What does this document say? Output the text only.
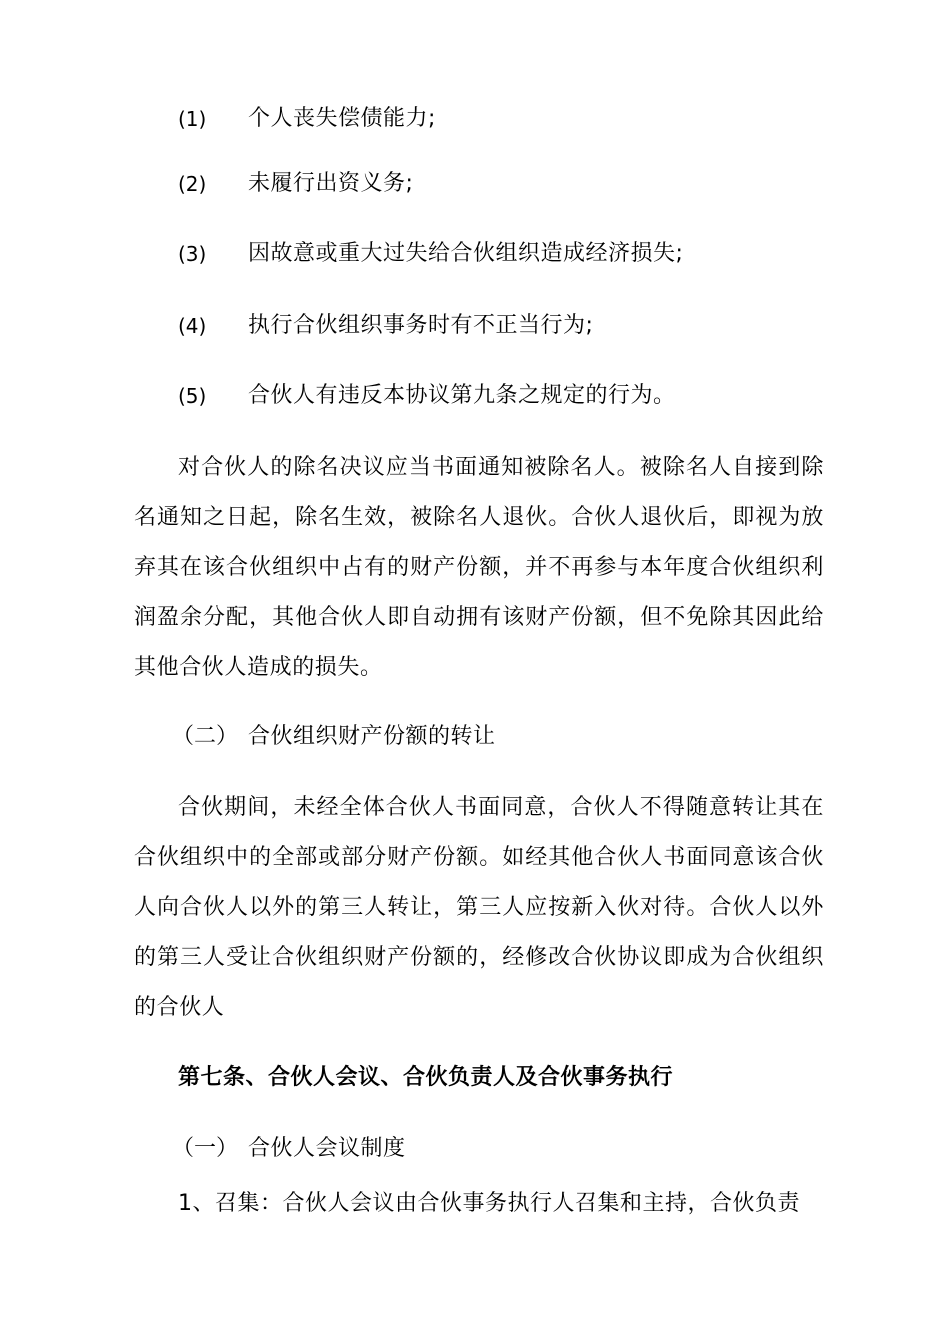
(1) 个人丧失偿债能力;
(2) 未履行出资义务;
(3) 因故意或重大过失给合伙组织造成经济损失;
(4) 执行合伙组织事务时有不正当行为;
(5) 合伙人有违反本协议第九条之规定的行为。

对合伙人的除名决议应当书面通知被除名人。被除名人自接到除名通知之日起，除名生效，被除名人退伙。合伙人退伙后，即视为放弃其在该合伙组织中占有的财产份额，并不再参与本年度合伙组织利润盈余分配，其他合伙人即自动拥有该财产份额，但不免除其因此给其他合伙人造成的损失。

（二） 合伙组织财产份额的转让

合伙期间，未经全体合伙人书面同意，合伙人不得随意转让其在合伙组织中的全部或部分财产份额。如经其他合伙人书面同意该合伙人向合伙人以外的第三人转让，第三人应按新入伙对待。合伙人以外的第三人受让合伙组织财产份额的，经修改合伙协议即成为合伙组织的合伙人

第七条、合伙人会议、合伙负责人及合伙事务执行
（一） 合伙人会议制度
1、召集：合伙人会议由合伙事务执行人召集和主持，合伙负责
